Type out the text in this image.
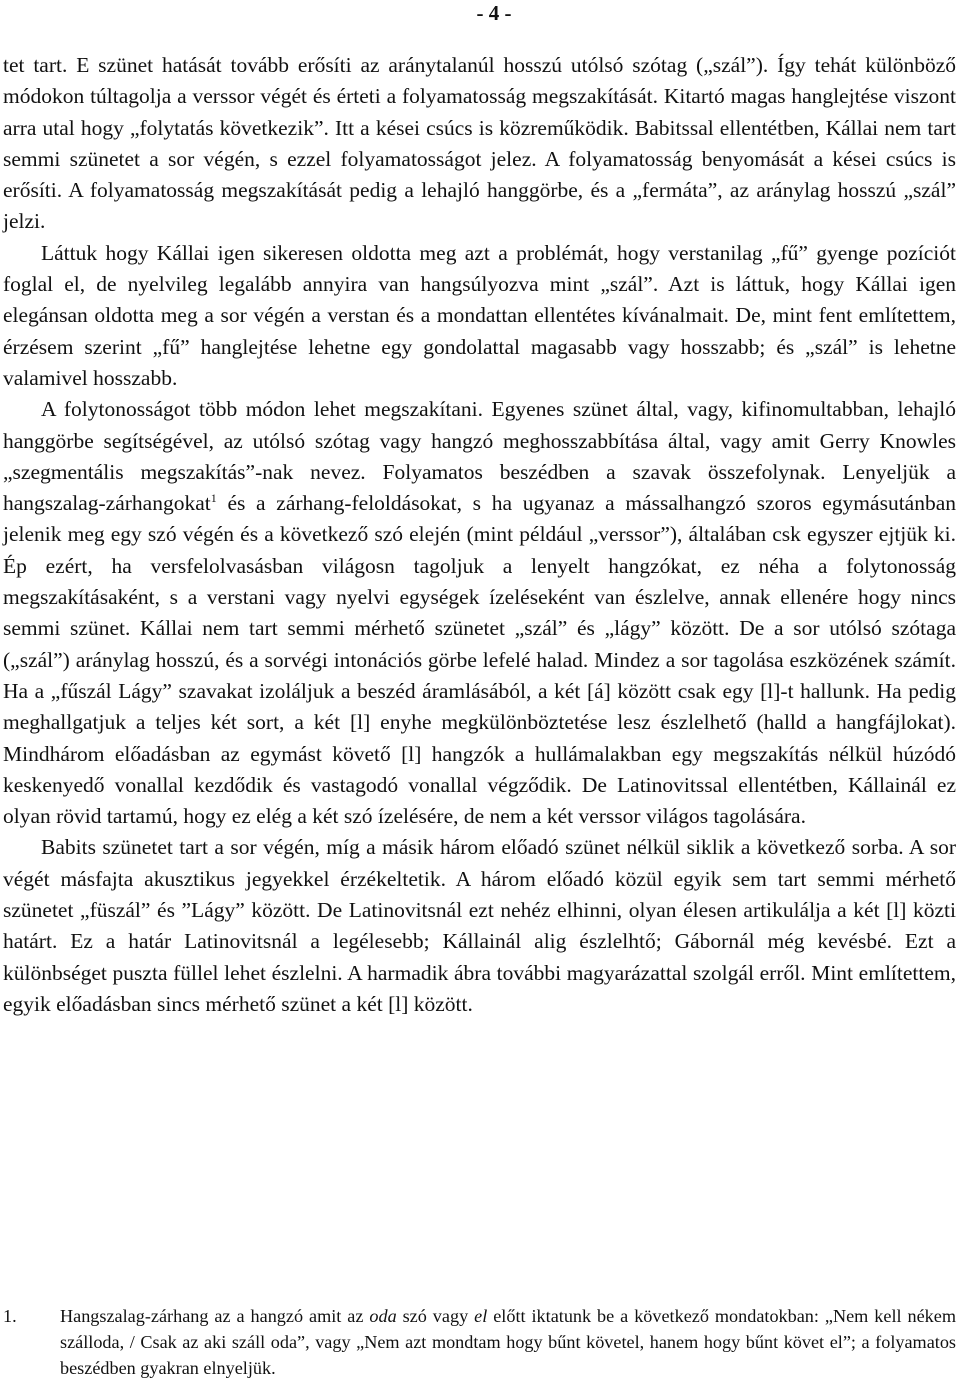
- 4 -

tet tart. E szünet hatását tovább erősíti az aránytalanúl hosszú utólsó szótag („szál”). Így tehát különböző módokon túltagolja a verssor végét és érteti a folyamatosság megszakítását. Kitartó magas hanglejtése viszont arra utal hogy „folytatás következik”. Itt a kései csúcs is közreműködik. Babitssal ellentétben, Kállai nem tart semmi szünetet a sor végén, s ezzel folyamatosságot jelez. A folyamatosság benyomását a kései csúcs is erősíti. A folyamatosság megszakítását pedig a lehajló hanggörbe, és a „fermáta”, az aránylag hosszú „szál” jelzi.

Láttuk hogy Kállai igen sikeresen oldotta meg azt a problémát, hogy verstanilag „fű” gyenge pozíciót foglal el, de nyelvileg legalább annyira van hangsúlyozva mint „szál”. Azt is láttuk, hogy Kállai igen elegánsan oldotta meg a sor végén a verstan és a mondattan ellentétes kívánalmait. De, mint fent említettem, érzésem szerint „fű” hanglejtése lehetne egy gondolattal magasabb vagy hosszabb; és „szál” is lehetne valamivel hosszabb.

A folytonosságot több módon lehet megszakítani. Egyenes szünet által, vagy, kifinomultabban, lehajló hanggörbe segítségével, az utólsó szótag vagy hangzó meghosszabbítása által, vagy amit Gerry Knowles „szegmentális megszakítás”-nak nevez. Folyamatos beszédben a szavak összefolynak. Lenyeljük a hangszalag-zárhangokat$^1$ és a zárhang-feloldásokat, s ha ugyanaz a mássalhangzó szoros egymásutánban jelenik meg egy szó végén és a következő szó elején (mint például „verssor”), általában csk egyszer ejtjük ki. Ép ezért, ha versfelolvasásban világosn tagoljuk a lenyelt hangzókat, ez néha a folytonosság megszakításaként, s a verstani vagy nyelvi egységek ízeléseként van észlelve, annak ellenére hogy nincs semmi szünet. Kállai nem tart semmi mérhető szünetet „szál” és „lágy” között. De a sor utólsó szótaga („szál”) aránylag hosszú, és a sorvégi intonációs görbe lefelé halad. Mindez a sor tagolása eszközének számít. Ha a „fűszál Lágy” szavakat izoláljuk a beszéd áramlásából, a két [á] között csak egy [l]-t hallunk. Ha pedig meghallgatjuk a teljes két sort, a két [l] enyhe megkülönböztetése lesz észlelhető (halld a hangfájlokat). Mindhárom előadásban az egymást követő [l] hangzók a hullámalakban egy megszakítás nélkül húzódó keskenyedő vonallal kezdődik és vastagodó vonallal végződik. De Latinovitssal ellentétben, Kállainál ez olyan rövid tartamú, hogy ez elég a két szó ízelésére, de nem a két verssor világos tagolására.

Babits szünetet tart a sor végén, míg a másik három előadó szünet nélkül siklik a következő sorba. A sor végét másfajta akusztikus jegyekkel érzékeltetik. A három előadó közül egyik sem tart semmi mérhető szünetet „füszál” és ”Lágy” között. De Latinovitsnál ezt nehéz elhinni, olyan élesen artikulálja a két [l] közti határt. Ez a határ Latinovitsnál a legélesebb; Kállainál alig észlelhtő; Gábornál még kevésbé. Ezt a különbséget puszta füllel lehet észlelni. A harmadik ábra további magyarázattal szolgál erről. Mint említettem, egyik előadásban sincs mérhető szünet a két [l] között.

1. Hangszalag-zárhang az a hangzó amit az oda szó vagy el előtt iktatunk be a következő mondatokban: „Nem kell nékem szálloda, / Csak az aki száll oda”, vagy „Nem azt mondtam hogy bűnt követel, hanem hogy bűnt követ el”; a folyamatos beszédben gyakran elnyeljük.
